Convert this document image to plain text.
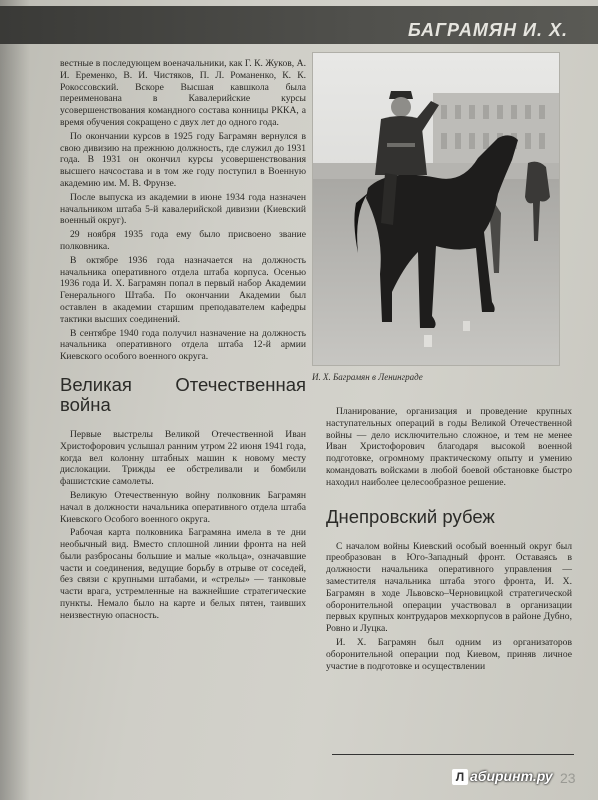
БАГРАМЯН И. Х.

вестные в последующем военачальники, как Г. К. Жуков, А. И. Еременко, В. И. Чистяков, П. Л. Романенко, К. К. Рокоссовский. Вскоре Высшая кавшкола была переименована в Кавалерийские курсы усовершенствования командного состава конницы РККА, а время обучения сокращено с двух лет до одного года.

По окончании курсов в 1925 году Баграмян вернулся в свою дивизию на прежнюю должность, где служил до 1931 года. В 1931 он окончил курсы усовершенствования высшего начсостава и в том же году поступил в Военную академию им. М. В. Фрунзе.

После выпуска из академии в июне 1934 года назначен начальником штаба 5-й кавалерийской дивизии (Киевский военный округ).

29 ноября 1935 года ему было присвоено звание полковника.

В октябре 1936 года назначается на должность начальника оперативного отдела штаба корпуса. Осенью 1936 года И. Х. Баграмян попал в первый набор Академии Генерального Штаба. По окончании Академии был оставлен в академии старшим преподавателем кафедры тактики высших соединений.

В сентябре 1940 года получил назначение на должность начальника оперативного отдела штаба 12-й армии Киевского особого военного округа.

Великая Отечественная война

Первые выстрелы Великой Отечественной Иван Христофорович услышал ранним утром 22 июня 1941 года, когда вел колонну штабных машин к новому месту дислокации. Трижды ее обстреливали и бомбили фашистские самолеты.

Великую Отечественную войну полковник Баграмян начал в должности начальника оперативного отдела штаба Киевского Особого военного округа.

Рабочая карта полковника Баграмяна имела в те дни необычный вид. Вместо сплошной линии фронта на ней были разбросаны большие и малые «кольца», означавшие части и соединения, ведущие борьбу в отрыве от соседей, без связи с крупными штабами, и «стрелы» — танковые части врага, устремленные на важнейшие стратегические пункты. Немало было на карте и белых пятен, таивших неизвестную опасность.

И. Х. Баграмян в Ленинграде

Планирование, организация и проведение крупных наступательных операций в годы Великой Отечественной войны — дело исключительно сложное, и тем не менее Иван Христофорович благодаря высокой военной подготовке, огромному практическому опыту и умению командовать войсками в любой боевой обстановке быстро находил наиболее целесообразное решение.

Днепровский рубеж

С началом войны Киевский особый военный округ был преобразован в Юго-Западный фронт. Оставаясь в должности начальника оперативного управления — заместителя начальника штаба этого фронта, И. Х. Баграмян в ходе Львовско–Черновицкой стратегической оборонительной операции участвовал в организации первых крупных контрударов мехкорпусов в районе Дубно, Ровно и Луцка.

И. Х. Баграмян был одним из организаторов оборонительной операции под Киевом, приняв личное участие в подготовке и осуществлении

Л абиринт.ру 23
